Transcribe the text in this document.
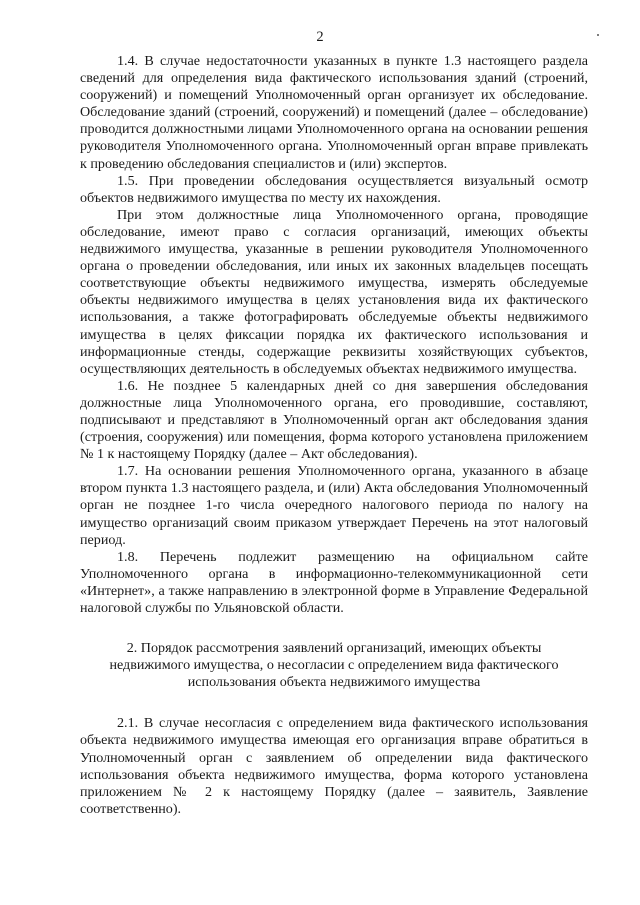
2

1.4. В случае недостаточности указанных в пункте 1.3 настоящего раздела сведений для определения вида фактического использования зданий (строений, сооружений) и помещений Уполномоченный орган организует их обследование. Обследование зданий (строений, сооружений) и помещений (далее – обследование) проводится должностными лицами Уполномоченного органа на основании решения руководителя Уполномоченного органа. Уполномоченный орган вправе привлекать к проведению обследования специалистов и (или) экспертов.

1.5. При проведении обследования осуществляется визуальный осмотр объектов недвижимого имущества по месту их нахождения.

При этом должностные лица Уполномоченного органа, проводящие обследование, имеют право с согласия организаций, имеющих объекты недвижимого имущества, указанные в решении руководителя Уполномоченного органа о проведении обследования, или иных их законных владельцев посещать соответствующие объекты недвижимого имущества, измерять обследуемые объекты недвижимого имущества в целях установления вида их фактического использования, а также фотографировать обследуемые объекты недвижимого имущества в целях фиксации порядка их фактического использования и информационные стенды, содержащие реквизиты хозяйствующих субъектов, осуществляющих деятельность в обследуемых объектах недвижимого имущества.

1.6. Не позднее 5 календарных дней со дня завершения обследования должностные лица Уполномоченного органа, его проводившие, составляют, подписывают и представляют в Уполномоченный орган акт обследования здания (строения, сооружения) или помещения, форма которого установлена приложением № 1 к настоящему Порядку (далее – Акт обследования).

1.7. На основании решения Уполномоченного органа, указанного в абзаце втором пункта 1.3 настоящего раздела, и (или) Акта обследования Уполномоченный орган не позднее 1-го числа очередного налогового периода по налогу на имущество организаций своим приказом утверждает Перечень на этот налоговый период.

1.8. Перечень подлежит размещению на официальном сайте Уполномоченного органа в информационно-телекоммуникационной сети «Интернет», а также направлению в электронной форме в Управление Федеральной налоговой службы по Ульяновской области.

2. Порядок рассмотрения заявлений организаций, имеющих объекты
недвижимого имущества, о несогласии с определением вида фактического
использования объекта недвижимого имущества

2.1. В случае несогласия с определением вида фактического использования объекта недвижимого имущества имеющая его организация вправе обратиться в Уполномоченный орган с заявлением об определении вида фактического использования объекта недвижимого имущества, форма которого установлена приложением № 2 к настоящему Порядку (далее – заявитель, Заявление соответственно).
